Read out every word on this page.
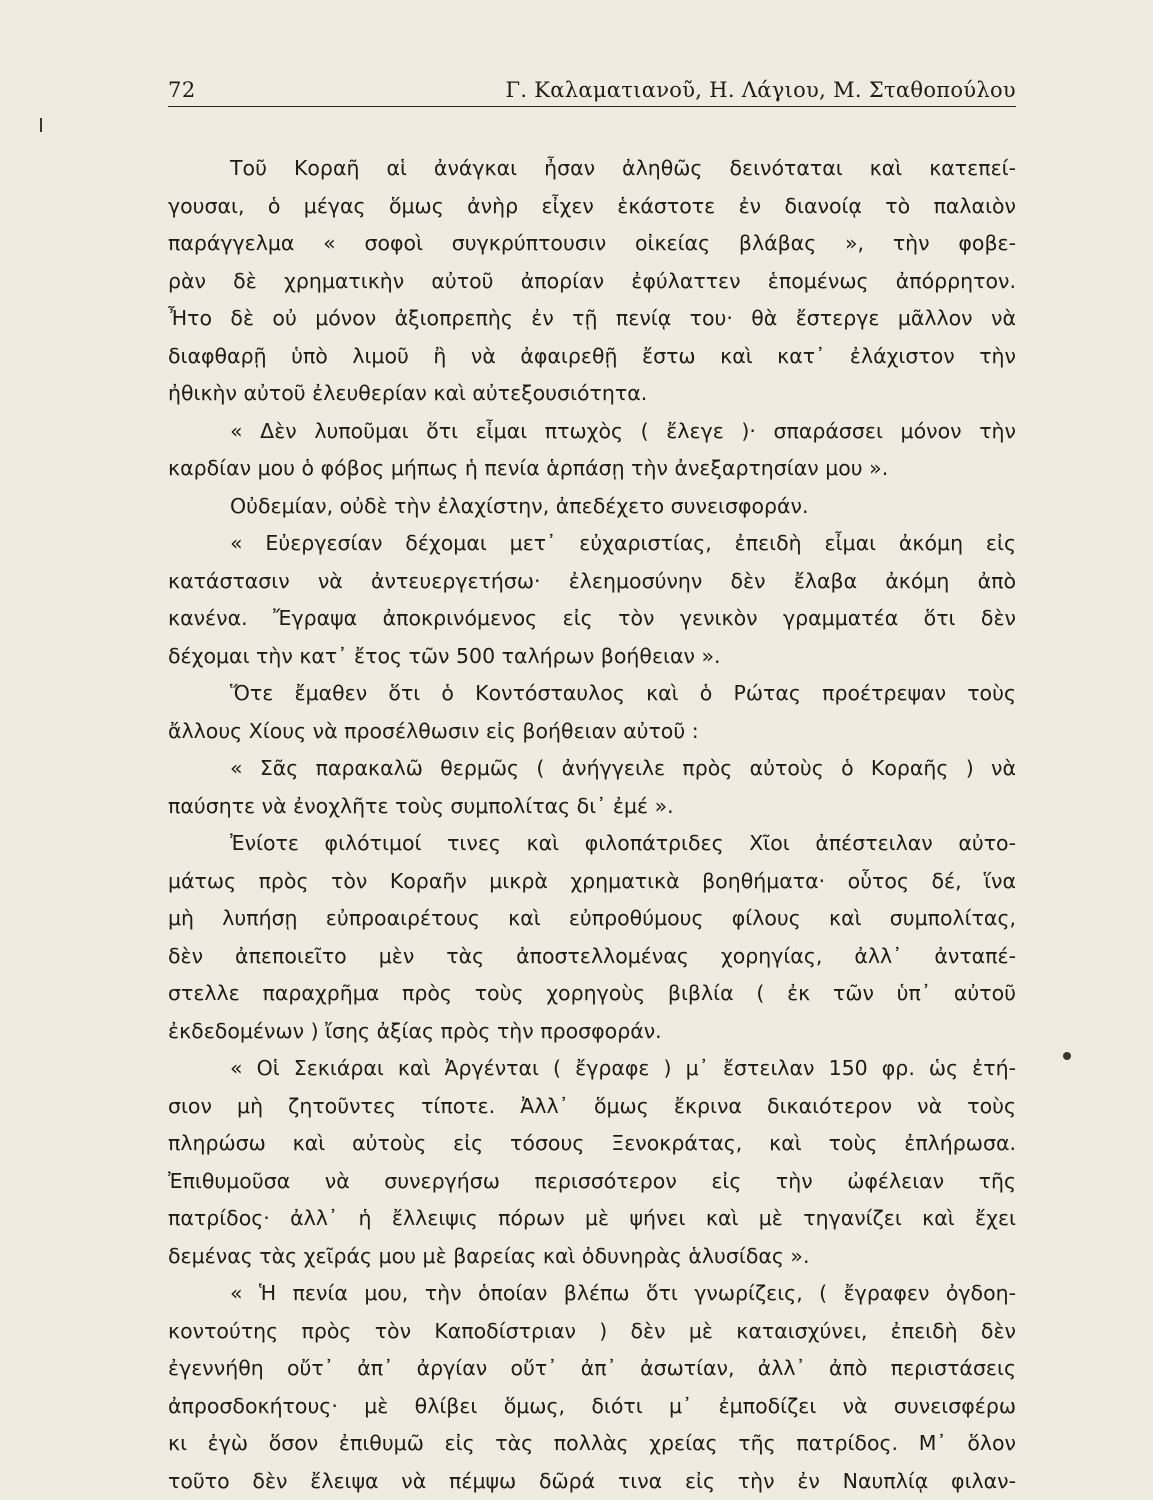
72	Γ. Καλαματιανοῦ, Η. Λάγιου, Μ. Σταθοπούλου
Τοῦ Κοραῆ αἱ ἀνάγκαι ἦσαν ἀληθῶς δεινόταται καὶ κατεπεί-
γουσαι, ὁ μέγας ὅμως ἀνὴρ εἶχεν ἑκάστοτε ἐν διανοίᾳ τὸ παλαιὸν
παράγγελμα « σοφοὶ συγκρύπτουσιν οἰκείας βλάβας », τὴν φοβε-
ρὰν δὲ χρηματικὴν αὐτοῦ ἀπορίαν ἐφύλαττεν ἑπομένως ἀπόρρητον.
Ἦτο δὲ οὐ μόνον ἀξιοπρεπὴς ἐν τῇ πενίᾳ του· θὰ ἔστεργε μᾶλλον νὰ
διαφθαρῇ ὑπὸ λιμοῦ ἢ νὰ ἀφαιρεθῇ ἔστω καὶ κατ᾽ ἐλάχιστον τὴν
ἠθικὴν αὐτοῦ ἐλευθερίαν καὶ αὐτεξουσιότητα.
« Δὲν λυποῦμαι ὅτι εἶμαι πτωχὸς ( ἔλεγε )· σπαράσσει μόνον τὴν
καρδίαν μου ὁ φόβος μήπως ἡ πενία ἁρπάσῃ τὴν ἀνεξαρτησίαν μου ».
Οὐδεμίαν, οὐδὲ τὴν ἐλαχίστην, ἀπεδέχετο συνεισφοράν.
« Εὐεργεσίαν δέχομαι μετ᾽ εὐχαριστίας, ἐπειδὴ εἶμαι ἀκόμη εἰς
κατάστασιν νὰ ἀντευεργετήσω· ἐλεημοσύνην δὲν ἔλαβα ἀκόμη ἀπὸ
κανένα. Ἔγραψα ἀποκρινόμενος εἰς τὸν γενικὸν γραμματέα ὅτι δὲν
δέχομαι τὴν κατ᾽ ἔτος τῶν 500 ταλήρων βοήθειαν ».
Ὅτε ἔμαθεν ὅτι ὁ Κοντόσταυλος καὶ ὁ Ρώτας προέτρεψαν τοὺς
ἄλλους Χίους νὰ προσέλθωσιν εἰς βοήθειαν αὐτοῦ :
« Σᾶς παρακαλῶ θερμῶς ( ἀνήγγειλε πρὸς αὐτοὺς ὁ Κοραῆς ) νὰ
παύσητε νὰ ἐνοχλῆτε τοὺς συμπολίτας δι᾽ ἐμέ ».
Ἐνίοτε φιλότιμοί τινες καὶ φιλοπάτριδες Χῖοι ἀπέστειλαν αὐτο-
μάτως πρὸς τὸν Κοραῆν μικρὰ χρηματικὰ βοηθήματα· οὗτος δέ, ἵνα
μὴ λυπήσῃ εὐπροαιρέτους καὶ εὐπροθύμους φίλους καὶ συμπολίτας,
δὲν ἀπεποιεῖτο μὲν τὰς ἀποστελλομένας χορηγίας, ἀλλ᾽ ἀνταπέ-
στελλε παραχρῆμα πρὸς τοὺς χορηγοὺς βιβλία ( ἐκ τῶν ὑπ᾽ αὐτοῦ
ἐκδεδομένων ) ἴσης ἀξίας πρὸς τὴν προσφοράν.
« Οἱ Σεκιάραι καὶ Ἀργένται ( ἔγραφε ) μ᾽ ἔστειλαν 150 φρ. ὡς ἐτή-
σιον μὴ ζητοῦντες τίποτε. Ἀλλ᾽ ὅμως ἔκρινα δικαιότερον νὰ τοὺς
πληρώσω καὶ αὐτοὺς εἰς τόσους Ξενοκράτας, καὶ τοὺς ἐπλήρωσα.
Ἐπιθυμοῦσα νὰ συνεργήσω περισσότερον εἰς τὴν ὠφέλειαν τῆς
πατρίδος· ἀλλ᾽ ἡ ἔλλειψις πόρων μὲ ψήνει καὶ μὲ τηγανίζει καὶ ἔχει
δεμένας τὰς χεῖράς μου μὲ βαρείας καὶ ὀδυνηρὰς ἁλυσίδας ».
« Ἡ πενία μου, τὴν ὁποίαν βλέπω ὅτι γνωρίζεις, ( ἔγραφεν ὀγδοη-
κοντούτης πρὸς τὸν Καποδίστριαν ) δὲν μὲ καταισχύνει, ἐπειδὴ δὲν
ἐγεννήθη οὔτ᾽ ἀπ᾽ ἀργίαν οὔτ᾽ ἀπ᾽ ἀσωτίαν, ἀλλ᾽ ἀπὸ περιστάσεις
ἀπροσδοκήτους· μὲ θλίβει ὅμως, διότι μ᾽ ἐμποδίζει νὰ συνεισφέρω
κι ἐγὼ ὅσον ἐπιθυμῶ εἰς τὰς πολλὰς χρείας τῆς πατρίδος. Μ᾽ ὅλον
τοῦτο δὲν ἔλειψα νὰ πέμψω δῶρά τινα εἰς τὴν ἐν Ναυπλίᾳ φιλαν-
